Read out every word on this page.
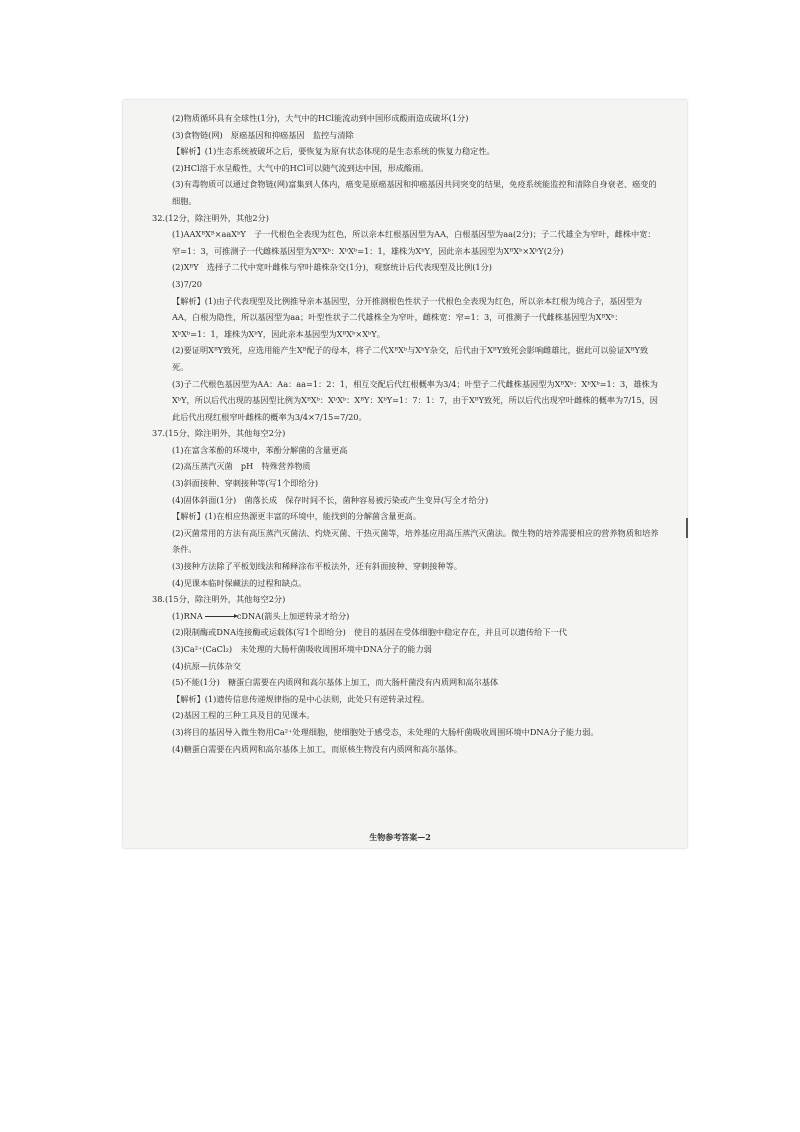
(2)物质循环具有全球性(1分)，大气中的HCl能流动到中国形成酸雨造成破坏(1分)
(3)食物链(网)　原癌基因和抑癌基因　监控与清除
【解析】(1)生态系统被破坏之后，要恢复为原有状态体现的是生态系统的恢复力稳定性。
(2)HCl溶于水呈酸性，大气中的HCl可以随气流到达中国，形成酸雨。
(3)有毒物质可以通过食物链(网)富集到人体内，癌变是原癌基因和抑癌基因共同突变的结果，免疫系统能监控和清除自身衰老、癌变的细胞。
32.(12分，除注明外，其他2分)
(1)AAXᴮXᴮ×aaXᵇY　子一代根色全表现为红色，所以亲本红根基因型为AA，白根基因型为aa(2分)；子二代雄全为窄叶，雌株中宽：窄=1：3，可推测子一代雌株基因型为XᴮXᵇ：XᵇXᵇ=1：1，雄株为XᵇY，因此亲本基因型为XᴮXᵇ×XᵇY(2分)
(2)XᴮY　选择子二代中宽叶雌株与窄叶雄株杂交(1分)，观察统计后代表现型及比例(1分)
(3)7/20
【解析】(1)由子代表现型及比例推导亲本基因型，分开推测根色性状子一代根色全表现为红色，所以亲本红根为纯合子，基因型为AA，白根为隐性，所以基因型为aa；叶型性状子二代雄株全为窄叶，雌株宽：窄=1：3，可推测子一代雌株基因型为XᴮXᵇ：XᵇXᵇ=1：1，雄株为XᵇY，因此亲本基因型为XᴮXᵇ×XᵇY。
(2)要证明XᴮY致死，应选用能产生Xᴮ配子的母本，将子二代XᴮXᵇ与XᵇY杂交，后代由于XᴮY致死会影响雌雄比，据此可以验证XᴮY致死。
(3)子二代根色基因型为AA：Aa：aa=1：2：1，相互交配后代红根概率为3/4；叶型子二代雌株基因型为XᴮXᵇ：XᵇXᵇ=1：3，雄株为XᵇY，所以后代出现的基因型比例为XᴮXᵇ：XᵇXᵇ：XᴮY：XᵇY=1：7：1：7，由于XᴮY致死，所以后代出现窄叶雌株的概率为7/15，因此后代出现红根窄叶雌株的概率为3/4×7/15=7/20。
37.(15分，除注明外，其他每空2分)
(1)在富含苯酚的环境中，苯酚分解菌的含量更高
(2)高压蒸汽灭菌　pH　特殊营养物质
(3)斜面接种、穿刺接种等(写1个即给分)
(4)固体斜面(1分)　菌落长成　保存时间不长，菌种容易被污染或产生变异(写全才给分)
【解析】(1)在相应热源更丰富的环境中，能找到的分解菌含量更高。
(2)灭菌常用的方法有高压蒸汽灭菌法、灼烧灭菌、干热灭菌等，培养基应用高压蒸汽灭菌法。微生物的培养需要相应的营养物质和培养条件。
(3)接种方法除了平板划线法和稀释涂布平板法外，还有斜面接种、穿刺接种等。
(4)见课本临时保藏法的过程和缺点。
38.(15分，除注明外，其他每空2分)
(1)RNA	cDNA(箭头上加逆转录才给分)
(2)限制酶或DNA连接酶或运载体(写1个即给分)　使目的基因在受体细胞中稳定存在，并且可以遗传给下一代
(3)Ca²⁺(CaCl₂)　未处理的大肠杆菌吸收周围环境中DNA分子的能力弱
(4)抗原—抗体杂交
(5)不能(1分)　糖蛋白需要在内质网和高尔基体上加工，而大肠杆菌没有内质网和高尔基体
【解析】(1)遗传信息传递规律指的是中心法则，此处只有逆转录过程。
(2)基因工程的三种工具及目的见课本。
(3)将目的基因导入微生物用Ca²⁺处理细胞，使细胞处于感受态，未处理的大肠杆菌吸收周围环境中DNA分子能力弱。
(4)糖蛋白需要在内质网和高尔基体上加工，而原核生物没有内质网和高尔基体。
生物参考答案—2
